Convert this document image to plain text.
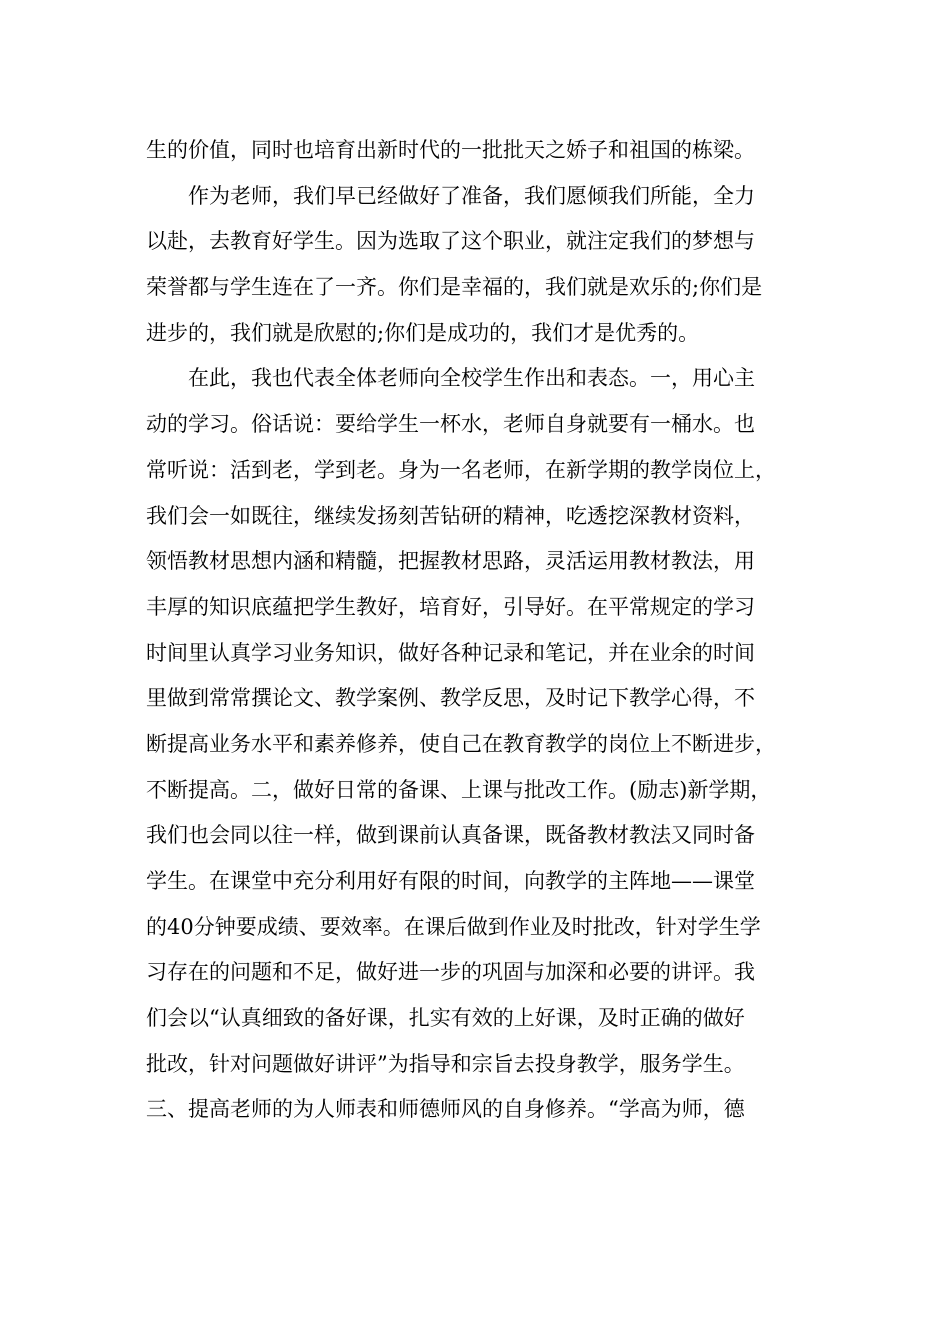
生的价值，同时也培育出新时代的一批批天之娇子和祖国的栋梁。
　　作为老师，我们早已经做好了准备，我们愿倾我们所能，全力
以赴，去教育好学生。因为选取了这个职业，就注定我们的梦想与
荣誉都与学生连在了一齐。你们是幸福的，我们就是欢乐的;你们是
进步的，我们就是欣慰的;你们是成功的，我们才是优秀的。
　　在此，我也代表全体老师向全校学生作出和表态。一，用心主
动的学习。俗话说：要给学生一杯水，老师自身就要有一桶水。也
常听说：活到老，学到老。身为一名老师，在新学期的教学岗位上，
我们会一如既往，继续发扬刻苦钻研的精神，吃透挖深教材资料，
领悟教材思想内涵和精髓，把握教材思路，灵活运用教材教法，用
丰厚的知识底蕴把学生教好，培育好，引导好。在平常规定的学习
时间里认真学习业务知识，做好各种记录和笔记，并在业余的时间
里做到常常撰论文、教学案例、教学反思，及时记下教学心得，不
断提高业务水平和素养修养，使自己在教育教学的岗位上不断进步，
不断提高。二，做好日常的备课、上课与批改工作。(励志)新学期，
我们也会同以往一样，做到课前认真备课，既备教材教法又同时备
学生。在课堂中充分利用好有限的时间，向教学的主阵地——课堂
的40分钟要成绩、要效率。在课后做到作业及时批改，针对学生学
习存在的问题和不足，做好进一步的巩固与加深和必要的讲评。我
们会以“认真细致的备好课，扎实有效的上好课，及时正确的做好
批改，针对问题做好讲评”为指导和宗旨去投身教学，服务学生。
三、提高老师的为人师表和师德师风的自身修养。“学高为师，德
